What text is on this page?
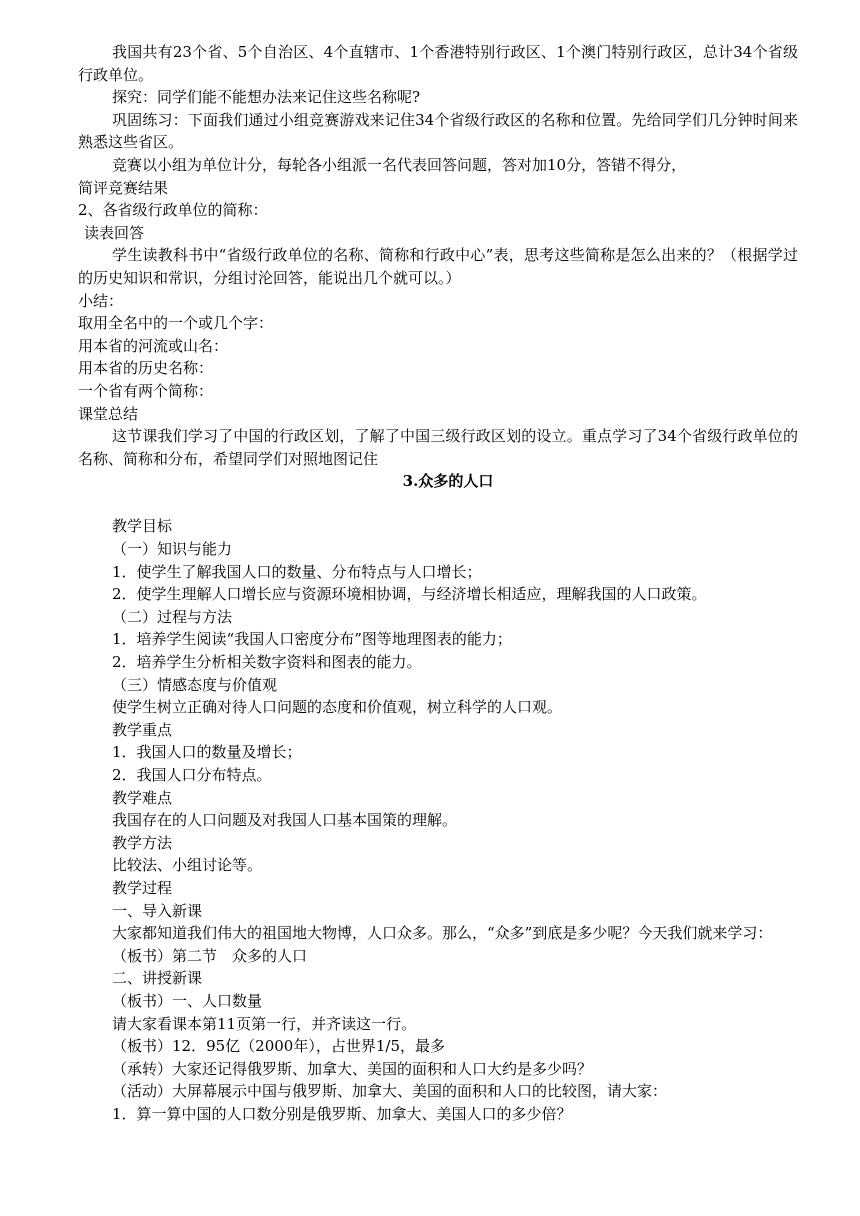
我国共有23个省、5个自治区、4个直辖市、1个香港特别行政区、1个澳门特别行政区，总计34个省级行政单位。

探究：同学们能不能想办法来记住这些名称呢?

巩固练习：下面我们通过小组竞赛游戏来记住34个省级行政区的名称和位置。先给同学们几分钟时间来熟悉这些省区。

竞赛以小组为单位计分，每轮各小组派一名代表回答问题，答对加10分，答错不得分，

简评竞赛结果

2、各省级行政单位的简称：

读表回答

学生读教科书中“省级行政单位的名称、简称和行政中心”表，思考这些简称是怎么出来的？（根据学过的历史知识和常识，分组讨沦回答，能说出几个就可以。）

小结：

取用全名中的一个或几个字：

用本省的河流或山名：

用本省的历史名称：

一个省有两个简称：

课堂总结

这节课我们学习了中国的行政区划，了解了中国三级行政区划的设立。重点学习了34个省级行政单位的名称、简称和分布，希望同学们对照地图记住

3.众多的人口

教学目标

（一）知识与能力

1．使学生了解我国人口的数量、分布特点与人口增长；

2．使学生理解人口增长应与资源环境相协调，与经济增长相适应，理解我国的人口政策。

（二）过程与方法

1．培养学生阅读“我国人口密度分布”图等地理图表的能力；

2．培养学生分析相关数字资料和图表的能力。

（三）情感态度与价值观

使学生树立正确对待人口问题的态度和价值观，树立科学的人口观。

教学重点

1．我国人口的数量及增长；

2．我国人口分布特点。

教学难点

我国存在的人口问题及对我国人口基本国策的理解。

教学方法

比较法、小组讨论等。

教学过程

一、导入新课

大家都知道我们伟大的祖国地大物博，人口众多。那么，“众多”到底是多少呢？今天我们就来学习：

（板书）第二节　众多的人口

二、讲授新课

（板书）一、人口数量

请大家看课本第11页第一行，并齐读这一行。

（板书）12．95亿（2000年），占世界1/5，最多

（承转）大家还记得俄罗斯、加拿大、美国的面积和人口大约是多少吗？

（活动）大屏幕展示中国与俄罗斯、加拿大、美国的面积和人口的比较图，请大家：

1．算一算中国的人口数分别是俄罗斯、加拿大、美国人口的多少倍？
